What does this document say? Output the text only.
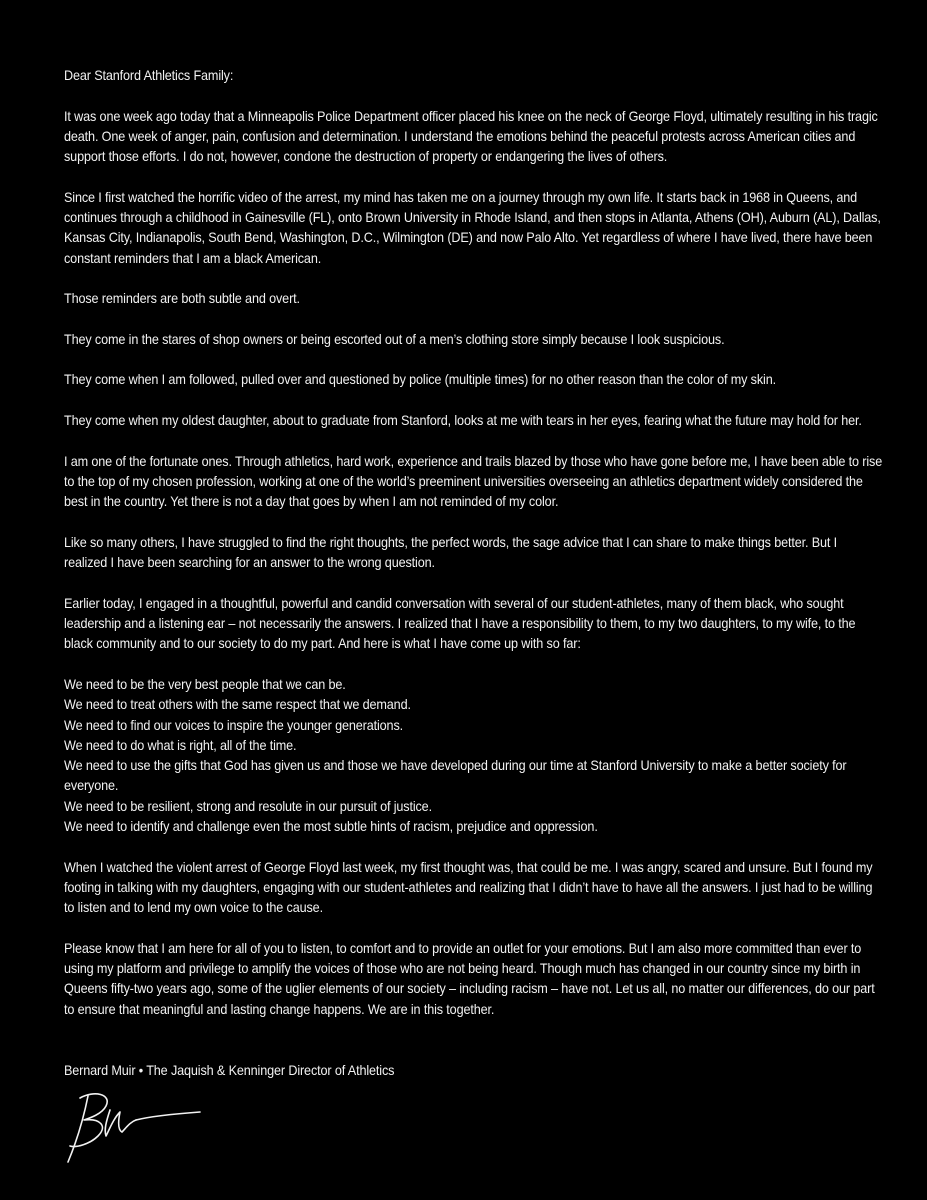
Dear Stanford Athletics Family:

It was one week ago today that a Minneapolis Police Department officer placed his knee on the neck of George Floyd, ultimately resulting in his tragic death. One week of anger, pain, confusion and determination. I understand the emotions behind the peaceful protests across American cities and support those efforts. I do not, however, condone the destruction of property or endangering the lives of others.

Since I first watched the horrific video of the arrest, my mind has taken me on a journey through my own life. It starts back in 1968 in Queens, and continues through a childhood in Gainesville (FL), onto Brown University in Rhode Island, and then stops in Atlanta, Athens (OH), Auburn (AL), Dallas, Kansas City, Indianapolis, South Bend, Washington, D.C., Wilmington (DE) and now Palo Alto. Yet regardless of where I have lived, there have been constant reminders that I am a black American.

Those reminders are both subtle and overt.

They come in the stares of shop owners or being escorted out of a men’s clothing store simply because I look suspicious.

They come when I am followed, pulled over and questioned by police (multiple times) for no other reason than the color of my skin.

They come when my oldest daughter, about to graduate from Stanford, looks at me with tears in her eyes, fearing what the future may hold for her.

I am one of the fortunate ones. Through athletics, hard work, experience and trails blazed by those who have gone before me, I have been able to rise to the top of my chosen profession, working at one of the world’s preeminent universities overseeing an athletics department widely considered the best in the country. Yet there is not a day that goes by when I am not reminded of my color.

Like so many others, I have struggled to find the right thoughts, the perfect words, the sage advice that I can share to make things better. But I realized I have been searching for an answer to the wrong question.

Earlier today, I engaged in a thoughtful, powerful and candid conversation with several of our student-athletes, many of them black, who sought leadership and a listening ear – not necessarily the answers. I realized that I have a responsibility to them, to my two daughters, to my wife, to the black community and to our society to do my part. And here is what I have come up with so far:

We need to be the very best people that we can be.
We need to treat others with the same respect that we demand.
We need to find our voices to inspire the younger generations.
We need to do what is right, all of the time.
We need to use the gifts that God has given us and those we have developed during our time at Stanford University to make a better society for everyone.
We need to be resilient, strong and resolute in our pursuit of justice.
We need to identify and challenge even the most subtle hints of racism, prejudice and oppression.

When I watched the violent arrest of George Floyd last week, my first thought was, that could be me. I was angry, scared and unsure. But I found my footing in talking with my daughters, engaging with our student-athletes and realizing that I didn’t have to have all the answers. I just had to be willing to listen and to lend my own voice to the cause.

Please know that I am here for all of you to listen, to comfort and to provide an outlet for your emotions. But I am also more committed than ever to using my platform and privilege to amplify the voices of those who are not being heard. Though much has changed in our country since my birth in Queens fifty-two years ago, some of the uglier elements of our society – including racism – have not. Let us all, no matter our differences, do our part to ensure that meaningful and lasting change happens. We are in this together.

Bernard Muir • The Jaquish & Kenninger Director of Athletics
